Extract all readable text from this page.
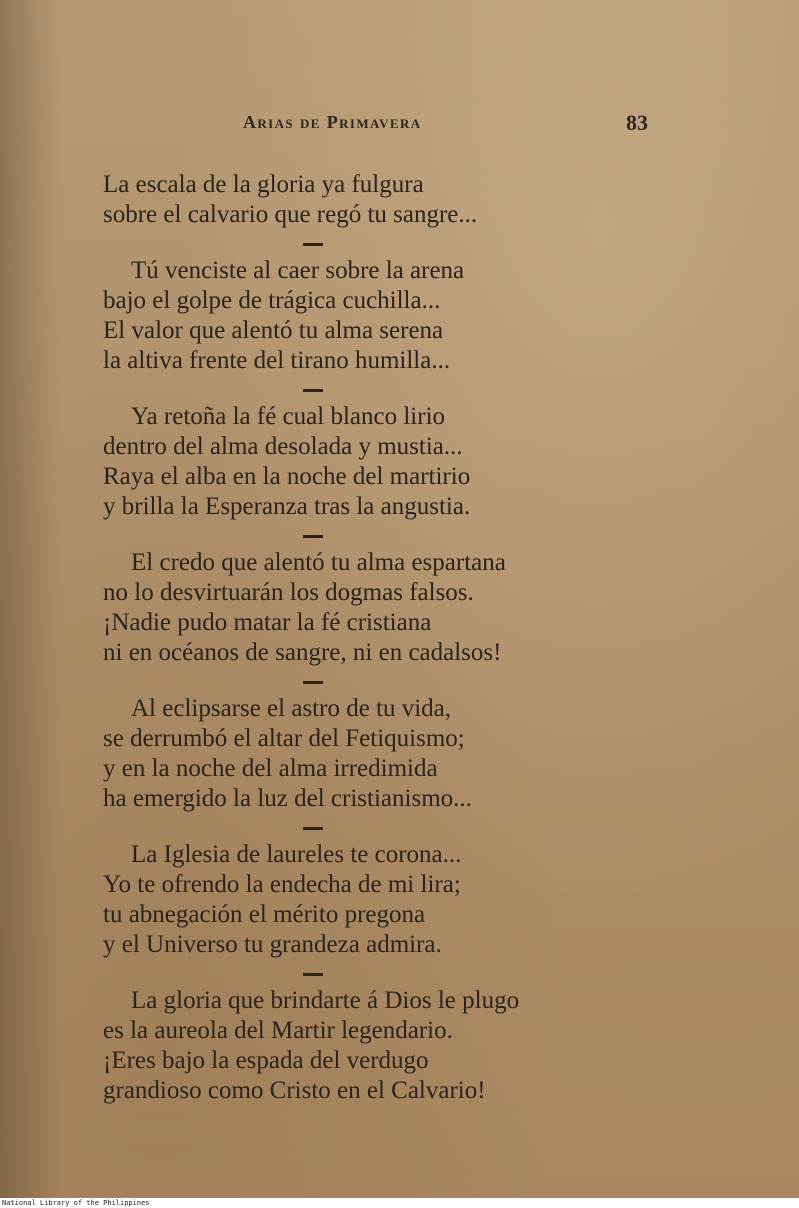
Arias de Primavera	83
La escala de la gloria ya fulgura
sobre el calvario que regó tu sangre...
Tú venciste al caer sobre la arena
bajo el golpe de trágica cuchilla...
El valor que alentó tu alma serena
la altiva frente del tirano humilla...
Ya retoña la fé cual blanco lirio
dentro del alma desolada y mustia...
Raya el alba en la noche del martirio
y brilla la Esperanza tras la angustia.
El credo que alentó tu alma espartana
no lo desvirtuarán los dogmas falsos.
¡Nadie pudo matar la fé cristiana
ni en océanos de sangre, ni en cadalsos!
Al eclipsarse el astro de tu vida,
se derrumbó el altar del Fetiquismo;
y en la noche del alma irredimida
ha emergido la luz del cristianismo...
La Iglesia de laureles te corona...
Yo te ofrendo la endecha de mi lira;
tu abnegación el mérito pregona
y el Universo tu grandeza admira.
La gloria que brindarte á Dios le plugo
es la aureola del Martir legendario.
¡Eres bajo la espada del verdugo
grandioso como Cristo en el Calvario!
National Library of the Philippines
